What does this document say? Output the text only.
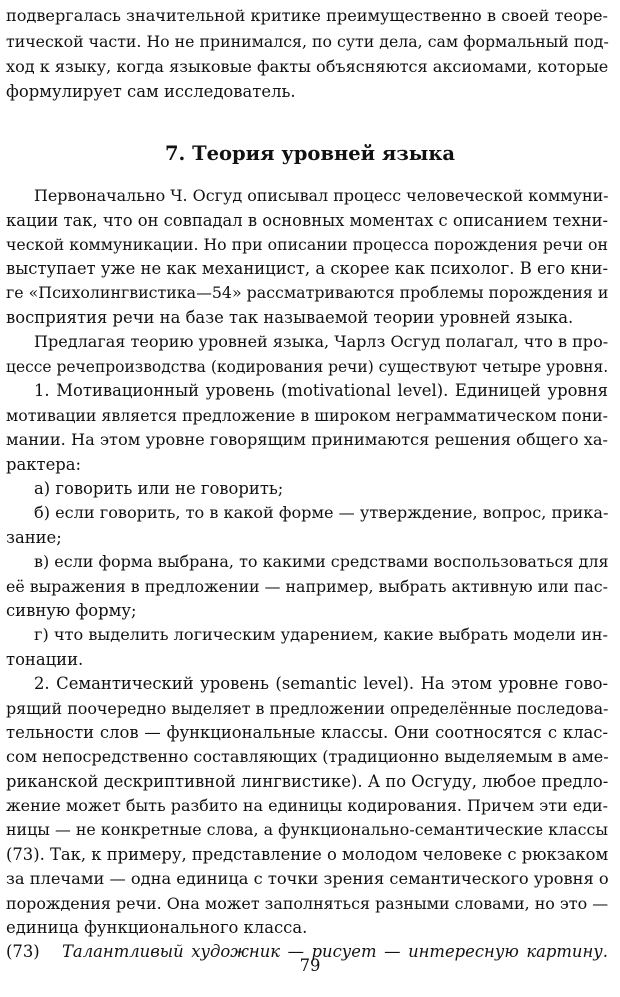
подвергалась значительной критике преимущественно в своей теоре-
тической части. Но не принимался, по сути дела, сам формальный под-
ход к языку, когда языковые факты объясняются аксиомами, которые
формулирует сам исследователь.
7. Теория уровней языка
Первоначально Ч. Осгуд описывал процесс человеческой коммуни-
кации так, что он совпадал в основных моментах с описанием техни-
ческой коммуникации. Но при описании процесса порождения речи он
выступает уже не как механицист, а скорее как психолог. В его кни-
ге «Психолингвистика—54» рассматриваются проблемы порождения и
восприятия речи на базе так называемой теории уровней языка.
Предлагая теорию уровней языка, Чарлз Осгуд полагал, что в про-
цессе речепроизводства (кодирования речи) существуют четыре уровня.
1. Мотивационный уровень (motivational level). Единицей уровня
мотивации является предложение в широком негpамматическом пони-
мании. На этом уровне говорящим принимаются решения общего ха-
рактера:
а) говорить или не говорить;
б) если говорить, то в какой форме — утверждение, вопрос, прика-
зание;
в) если форма выбрана, то какими средствами воспользоваться для
её выражения в предложении — например, выбрать активную или пас-
сивную форму;
г) что выделить логическим ударением, какие выбрать модели ин-
тонации.
2. Семантический уровень (semantic level). На этом уровне гово-
рящий поочередно выделяет в предложении определённые последова-
тельности слов — функциональные классы. Они соотносятся с клас-
сом непосредственно составляющих (традиционно выделяемым в аме-
риканской дескриптивной лингвистике). А по Осгуду, любое предло-
жение может быть разбито на единицы кодирования. Причем эти еди-
ницы — не конкретные слова, а функционально-семантические классы
(73). Так, к примеру, представление о молодом человеке с рюкзаком
за плечами — одна единица с точки зрения семантического уровня о
порождения речи. Она может заполняться разными словами, но это —
единица функционального класса.
(73) Талантливый художник — рисует — интересную картину.
79
